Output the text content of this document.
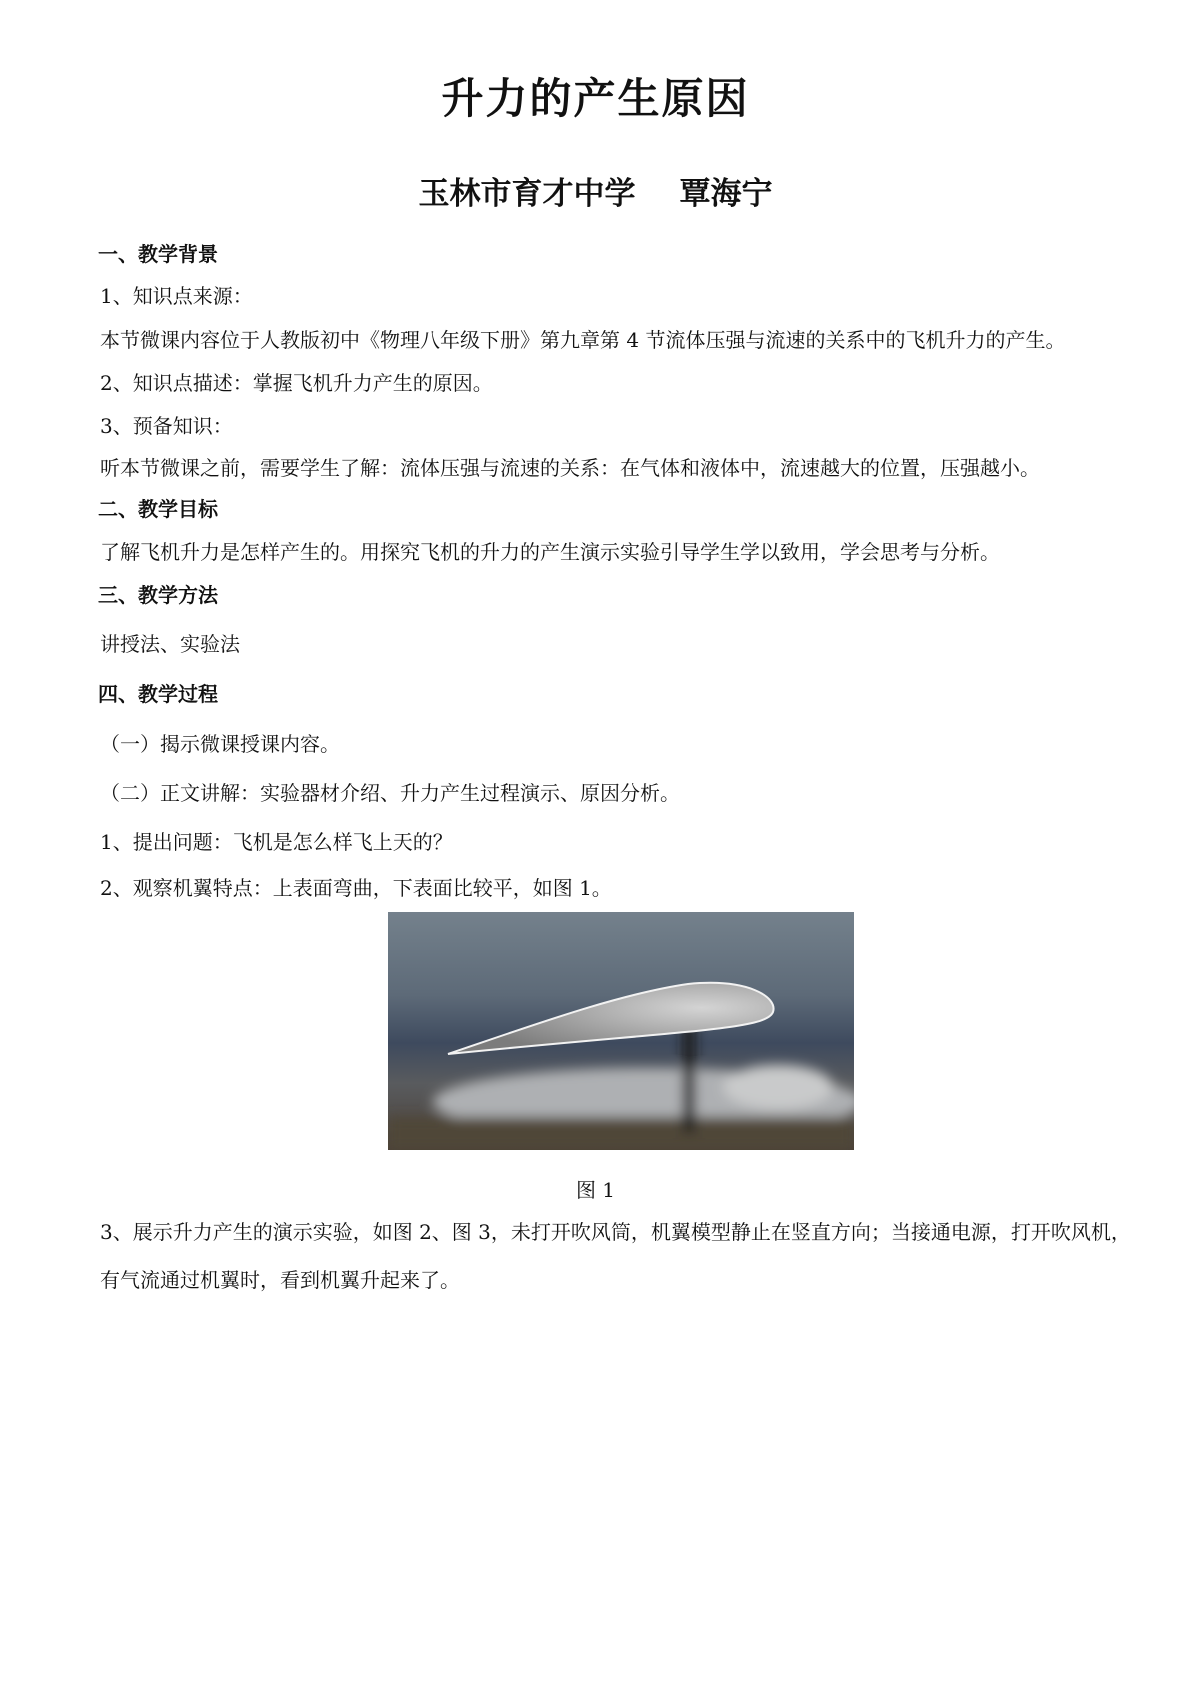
升力的产生原因
玉林市育才中学 覃海宁
一、教学背景
1、知识点来源：
本节微课内容位于人教版初中《物理八年级下册》第九章第 4 节流体压强与流速的关系中的飞机升力的产生。
2、知识点描述：掌握飞机升力产生的原因。
3、预备知识：
听本节微课之前，需要学生了解：流体压强与流速的关系：在气体和液体中，流速越大的位置，压强越小。
二、教学目标
了解飞机升力是怎样产生的。用探究飞机的升力的产生演示实验引导学生学以致用，学会思考与分析。
三、教学方法
讲授法、实验法
四、教学过程
（一）揭示微课授课内容。
（二）正文讲解：实验器材介绍、升力产生过程演示、原因分析。
1、提出问题：飞机是怎么样飞上天的？
2、观察机翼特点：上表面弯曲，下表面比较平，如图 1。
图 1
3、展示升力产生的演示实验，如图 2、图 3，未打开吹风筒，机翼模型静止在竖直方向；当接通电源，打开吹风机，
有气流通过机翼时，看到机翼升起来了。
